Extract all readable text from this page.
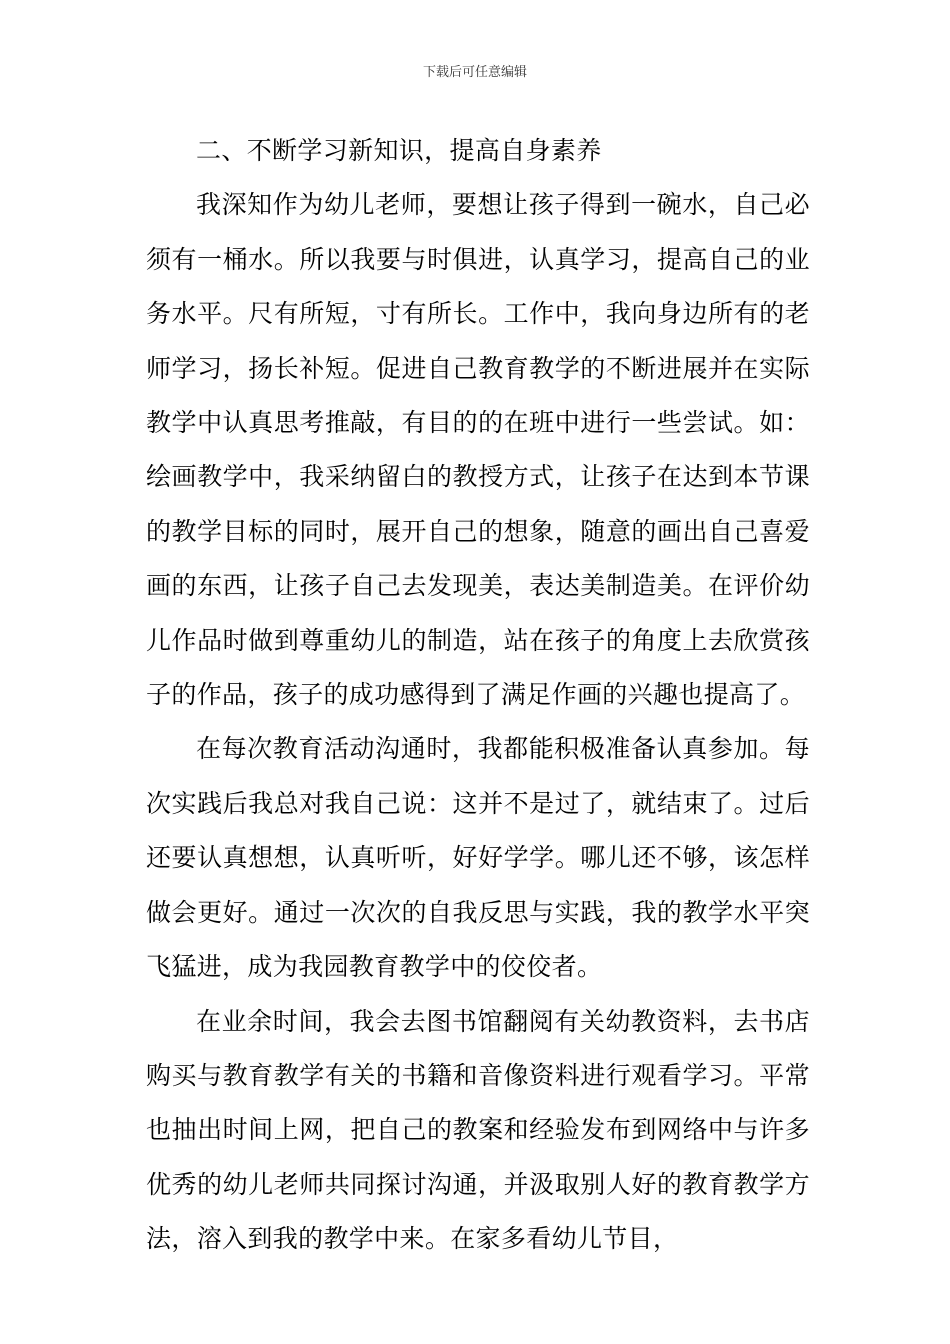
下载后可任意编辑

二、不断学习新知识，提高自身素养

我深知作为幼儿老师，要想让孩子得到一碗水，自己必须有一桶水。所以我要与时俱进，认真学习，提高自己的业务水平。尺有所短，寸有所长。工作中，我向身边所有的老师学习，扬长补短。促进自己教育教学的不断进展并在实际教学中认真思考推敲，有目的的在班中进行一些尝试。如：绘画教学中，我采纳留白的教授方式，让孩子在达到本节课的教学目标的同时，展开自己的想象，随意的画出自己喜爱画的东西，让孩子自己去发现美，表达美制造美。在评价幼儿作品时做到尊重幼儿的制造，站在孩子的角度上去欣赏孩子的作品，孩子的成功感得到了满足作画的兴趣也提高了。

在每次教育活动沟通时，我都能积极准备认真参加。每次实践后我总对我自己说：这并不是过了，就结束了。过后还要认真想想，认真听听，好好学学。哪儿还不够，该怎样做会更好。通过一次次的自我反思与实践，我的教学水平突飞猛进，成为我园教育教学中的佼佼者。

在业余时间，我会去图书馆翻阅有关幼教资料，去书店购买与教育教学有关的书籍和音像资料进行观看学习。平常也抽出时间上网，把自己的教案和经验发布到网络中与许多优秀的幼儿老师共同探讨沟通，并汲取别人好的教育教学方法，溶入到我的教学中来。在家多看幼儿节目，
